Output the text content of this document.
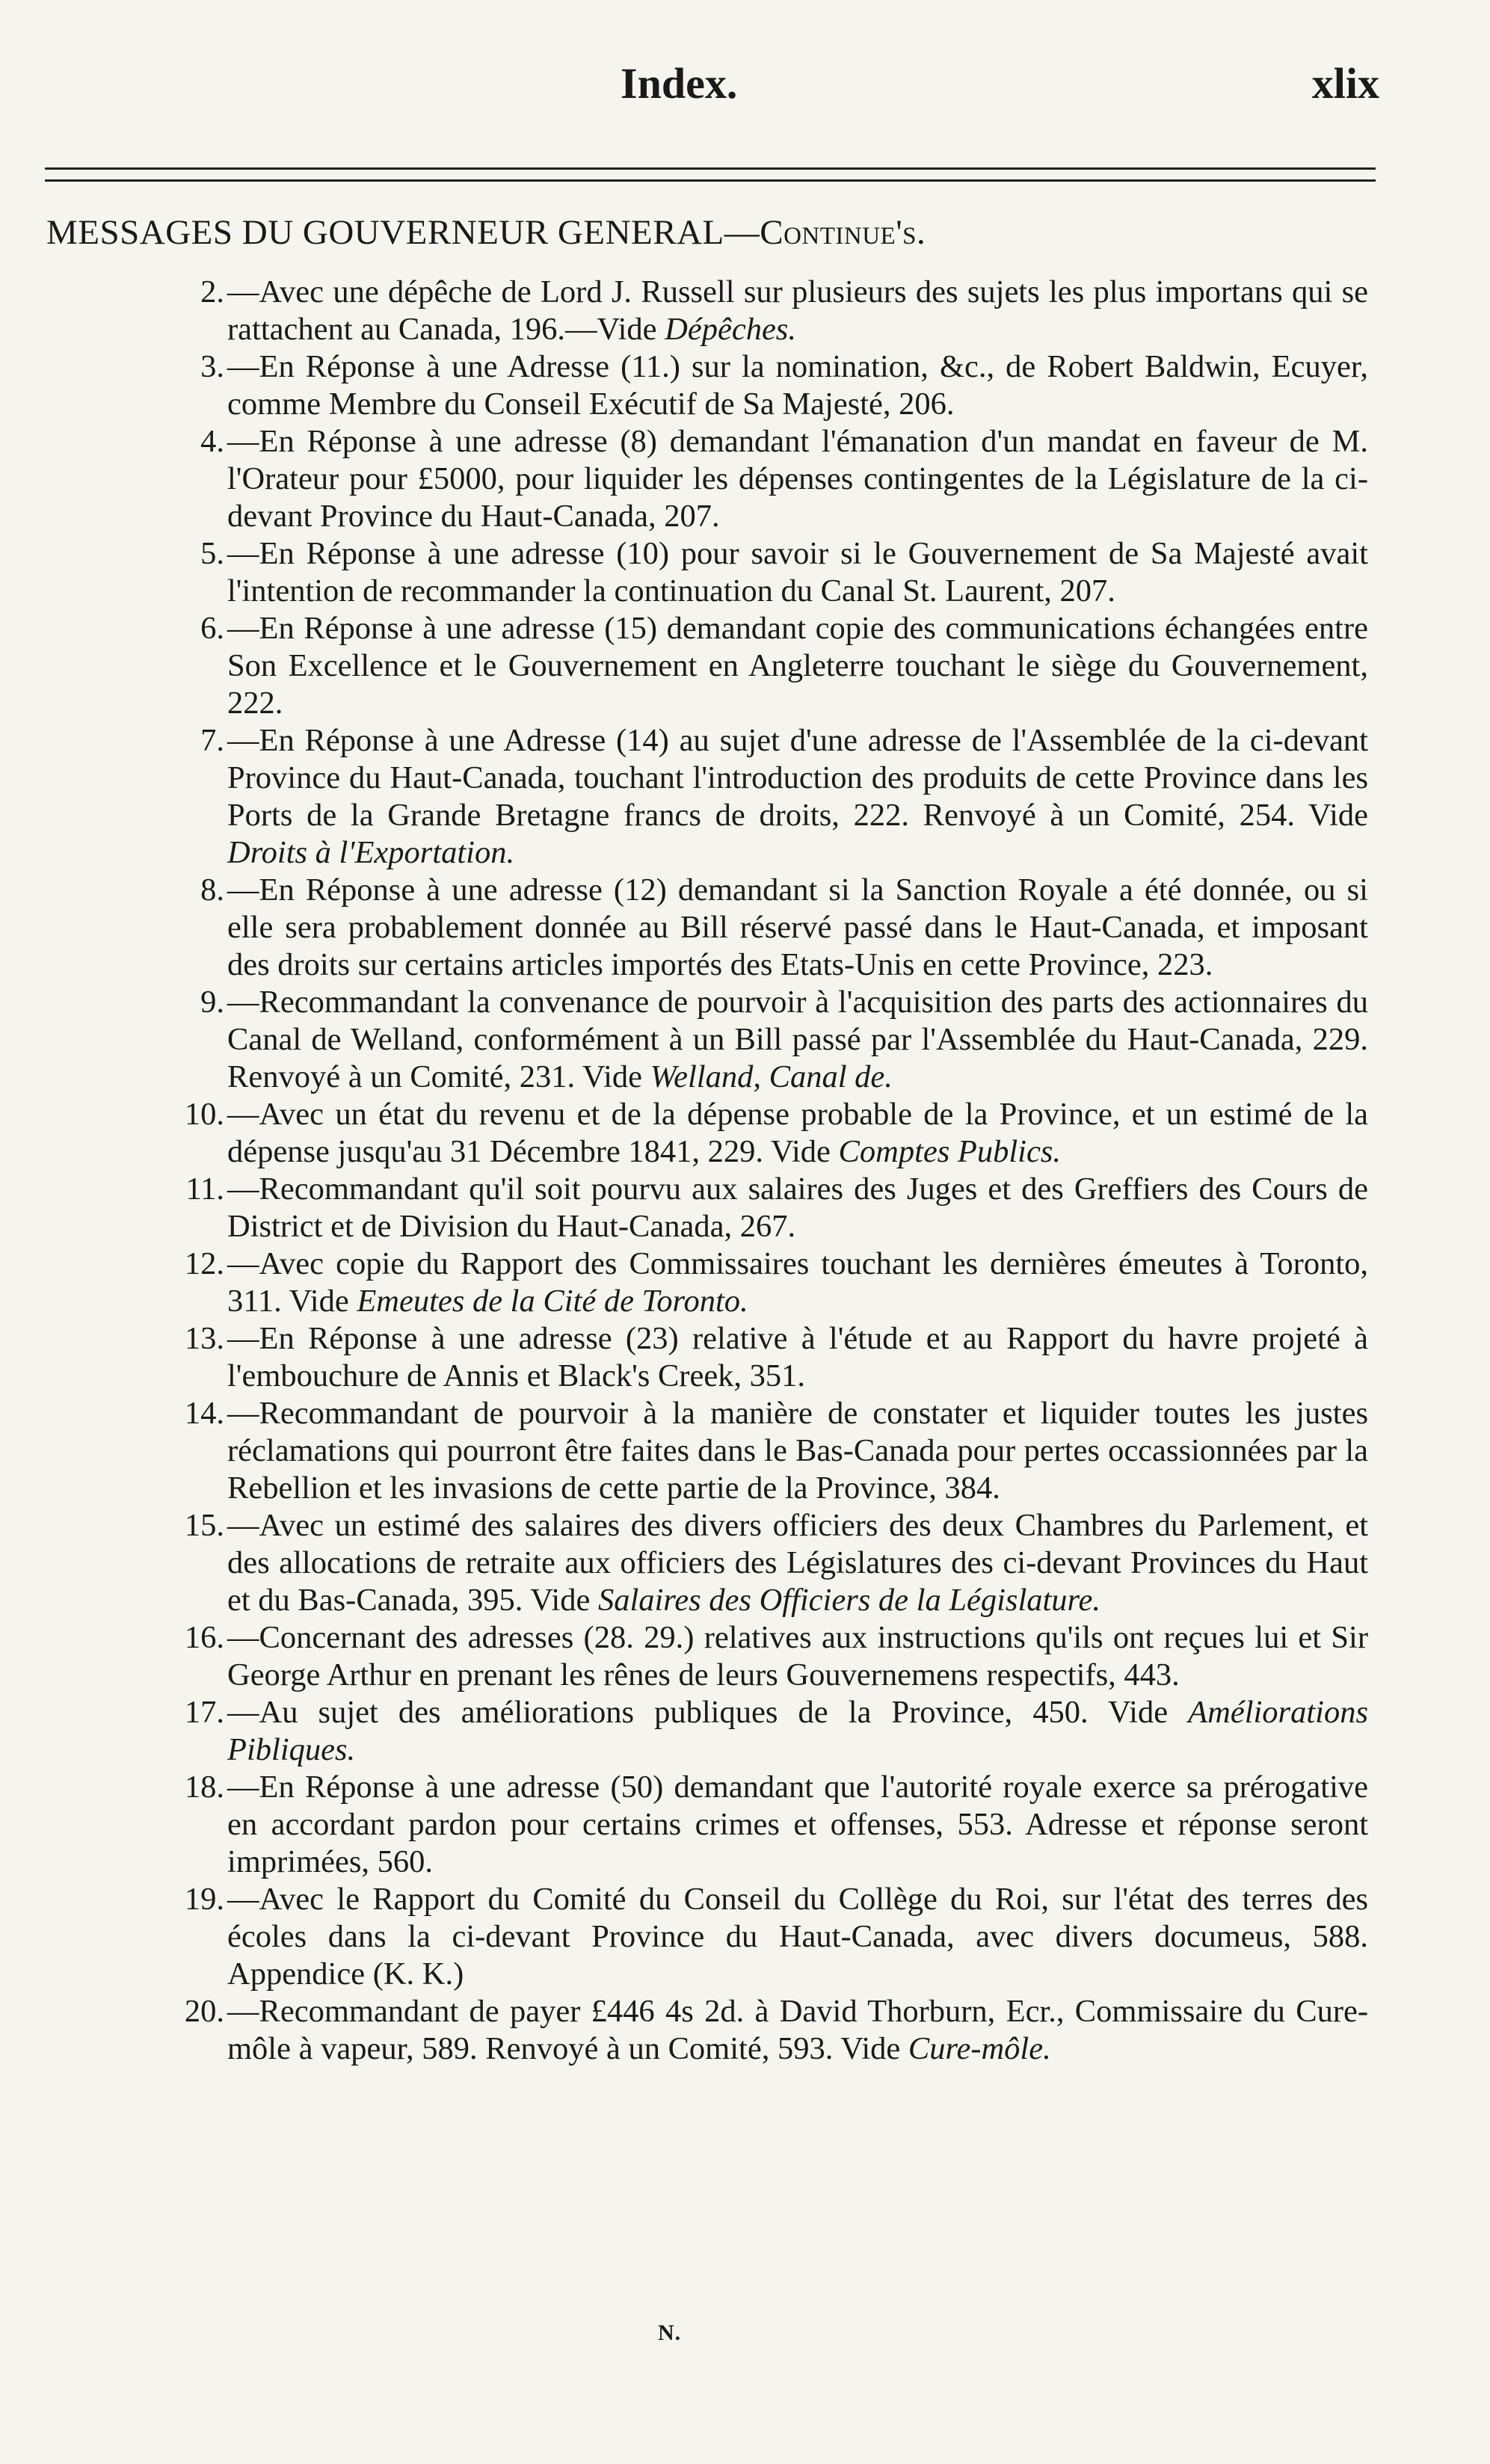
Index.	xlix
MESSAGES DU GOUVERNEUR GENERAL—Continue's.

2. —Avec une dépêche de Lord J. Russell sur plusieurs des sujets les plus importans qui se rattachent au Canada, 196.—Vide Dépêches.

3. —En Réponse à une Adresse (11.) sur la nomination, &c., de Robert Baldwin, Ecuyer, comme Membre du Conseil Exécutif de Sa Majesté, 206.

4. —En Réponse à une adresse (8) demandant l'émanation d'un mandat en faveur de M. l'Orateur pour £5000, pour liquider les dépenses contingentes de la Législature de la ci-devant Province du Haut-Canada, 207.

5. —En Réponse à une adresse (10) pour savoir si le Gouvernement de Sa Majesté avait l'intention de recommander la continuation du Canal St. Laurent, 207.

6. —En Réponse à une adresse (15) demandant copie des communications échangées entre Son Excellence et le Gouvernement en Angleterre touchant le siège du Gouvernement, 222.

7. —En Réponse à une Adresse (14) au sujet d'une adresse de l'Assemblée de la ci-devant Province du Haut-Canada, touchant l'introduction des produits de cette Province dans les Ports de la Grande Bretagne francs de droits, 222. Renvoyé à un Comité, 254. Vide Droits à l'Exportation.

8. —En Réponse à une adresse (12) demandant si la Sanction Royale a été donnée, ou si elle sera probablement donnée au Bill réservé passé dans le Haut-Canada, et imposant des droits sur certains articles importés des Etats-Unis en cette Province, 223.

9. —Recommandant la convenance de pourvoir à l'acquisition des parts des actionnaires du Canal de Welland, conformément à un Bill passé par l'Assemblée du Haut-Canada, 229. Renvoyé à un Comité, 231. Vide Welland, Canal de.

10. —Avec un état du revenu et de la dépense probable de la Province, et un estimé de la dépense jusqu'au 31 Décembre 1841, 229. Vide Comptes Publics.

11. —Recommandant qu'il soit pourvu aux salaires des Juges et des Greffiers des Cours de District et de Division du Haut-Canada, 267.

12. —Avec copie du Rapport des Commissaires touchant les dernières émeutes à Toronto, 311. Vide Emeutes de la Cité de Toronto.

13. —En Réponse à une adresse (23) relative à l'étude et au Rapport du havre projeté à l'embouchure de Annis et Black's Creek, 351.

14. —Recommandant de pourvoir à la manière de constater et liquider toutes les justes réclamations qui pourront être faites dans le Bas-Canada pour pertes occassionnées par la Rebellion et les invasions de cette partie de la Province, 384.

15. —Avec un estimé des salaires des divers officiers des deux Chambres du Parlement, et des allocations de retraite aux officiers des Législatures des ci-devant Provinces du Haut et du Bas-Canada, 395. Vide Salaires des Officiers de la Législature.

16. —Concernant des adresses (28. 29.) relatives aux instructions qu'ils ont reçues lui et Sir George Arthur en prenant les rênes de leurs Gouvernemens respectifs, 443.

17. —Au sujet des améliorations publiques de la Province, 450. Vide Améliorations Pibliques.

18. —En Réponse à une adresse (50) demandant que l'autorité royale exerce sa prérogative en accordant pardon pour certains crimes et offenses, 553. Adresse et réponse seront imprimées, 560.

19. —Avec le Rapport du Comité du Conseil du Collège du Roi, sur l'état des terres des écoles dans la ci-devant Province du Haut-Canada, avec divers documeus, 588. Appendice (K. K.)

20. —Recommandant de payer £446 4s 2d. à David Thorburn, Ecr., Commissaire du Cure-môle à vapeur, 589. Renvoyé à un Comité, 593. Vide Cure-môle.

N.
